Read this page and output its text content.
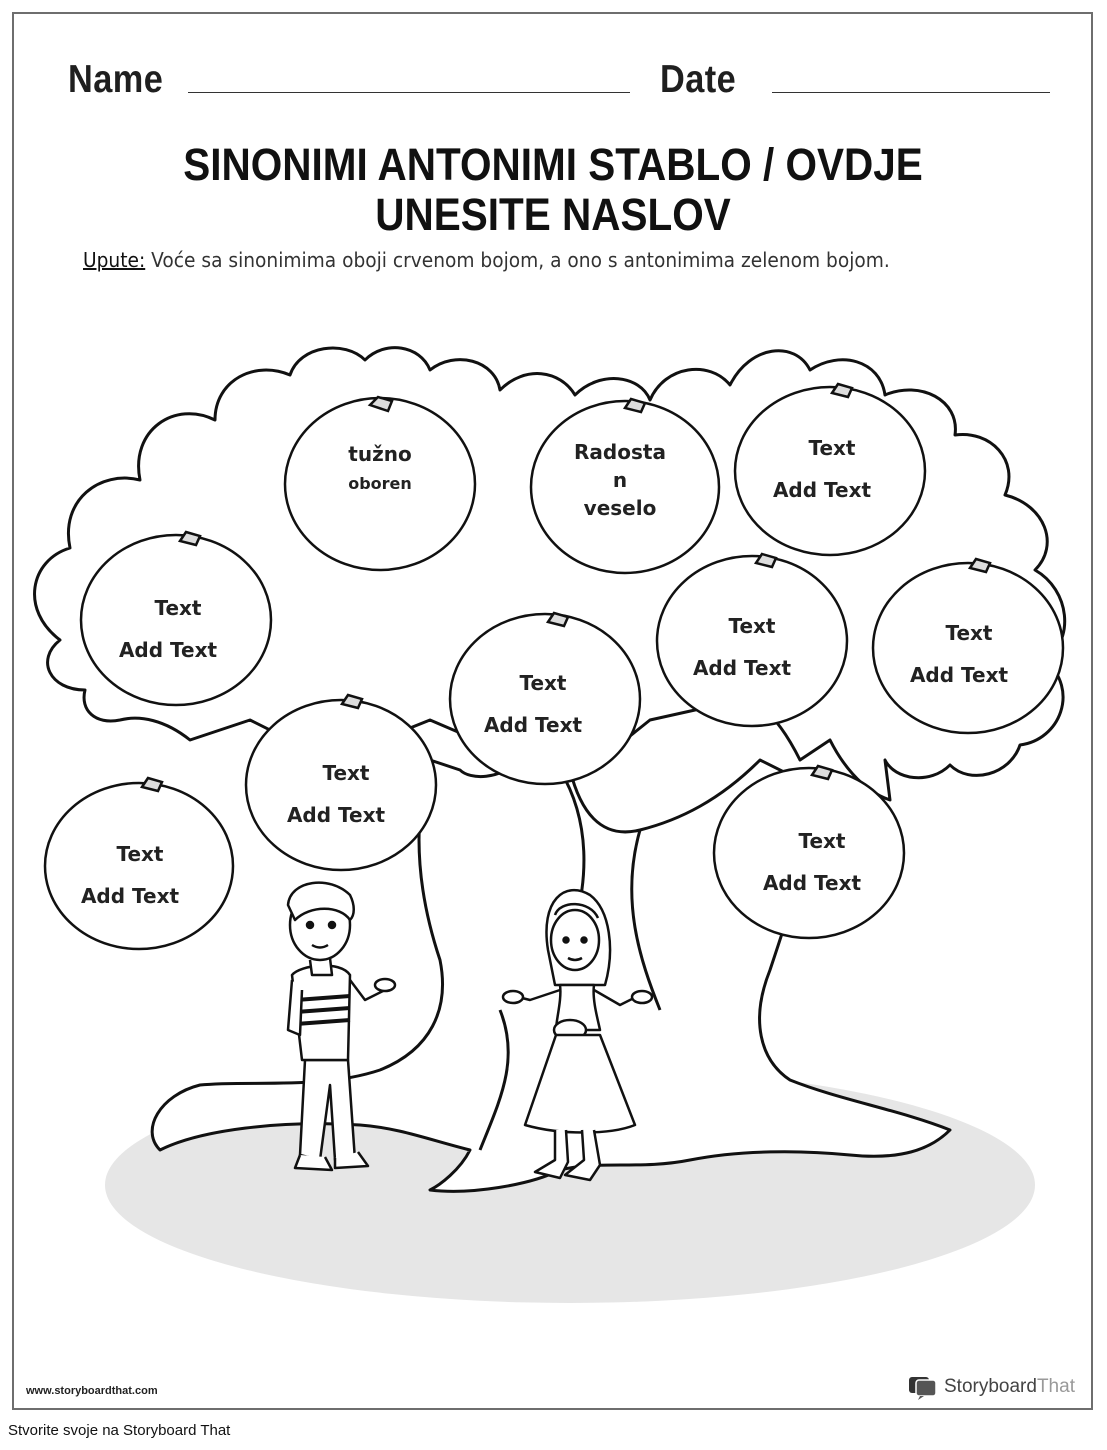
Name	Date
SINONIMI ANTONIMI STABLO / OVDJE
UNESITE NASLOV
Upute: Voće sa sinonimima oboji crvenom bojom, a ono s antonimima zelenom bojom.
tužno
oboren
Radosta
n
veselo
Text
Add Text
Text
Add Text
Text
Add Text
Text
Add Text
Text
Add Text
Text
Add Text
Text
Add Text
Text
Add Text
www.storyboardthat.com	StoryboardThat
Stvorite svoje na Storyboard That
